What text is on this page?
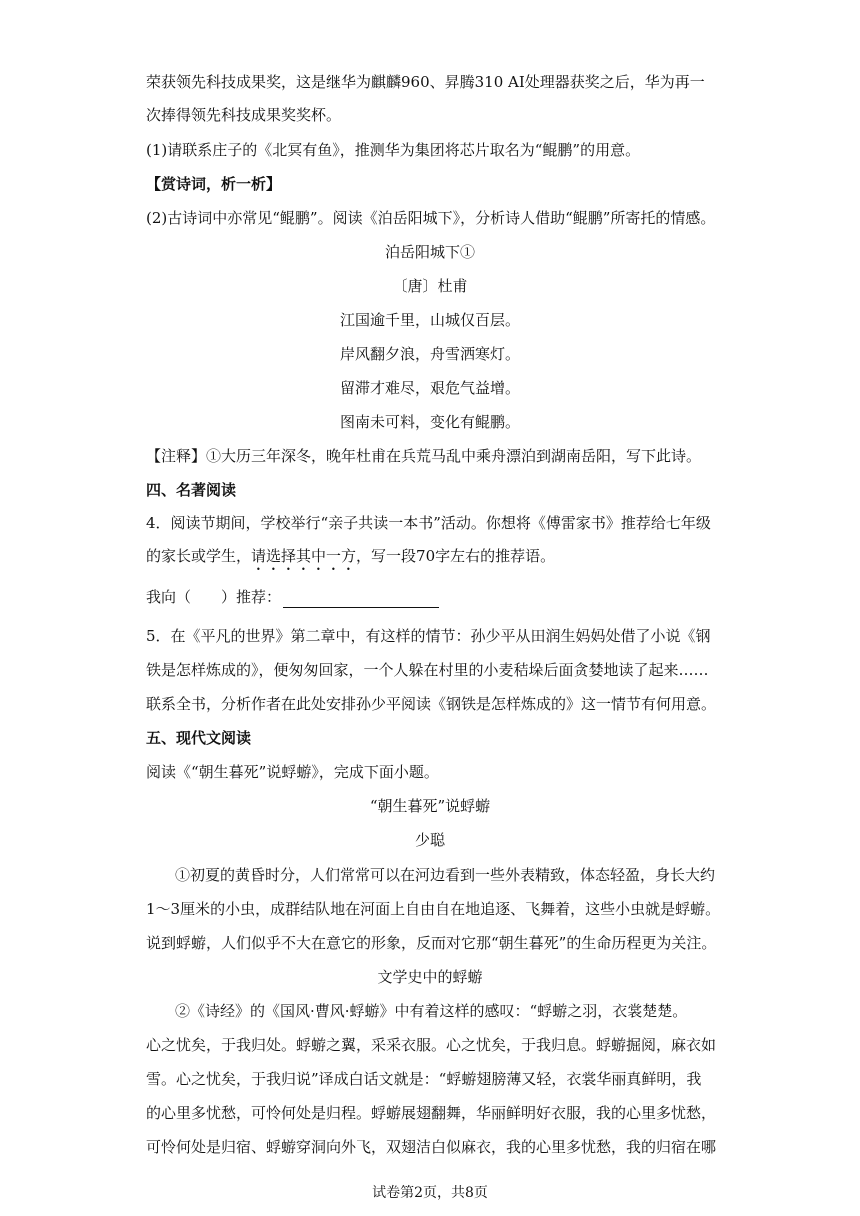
荣获领先科技成果奖，这是继华为麒麟960、昇腾310 AI处理器获奖之后，华为再一
次捧得领先科技成果奖奖杯。
(1)请联系庄子的《北冥有鱼》，推测华为集团将芯片取名为“鲲鹏”的用意。
【赏诗词，析一析】
(2)古诗词中亦常见“鲲鹏”。阅读《泊岳阳城下》，分析诗人借助“鲲鹏”所寄托的情感。
泊岳阳城下①
〔唐〕杜甫
江国逾千里，山城仅百层。
岸风翻夕浪，舟雪洒寒灯。
留滞才难尽，艰危气益增。
图南未可料，变化有鲲鹏。
【注释】①大历三年深冬，晚年杜甫在兵荒马乱中乘舟漂泊到湖南岳阳，写下此诗。
四、名著阅读
4．阅读节期间，学校举行“亲子共读一本书”活动。你想将《傅雷家书》推荐给七年级
的家长或学生，请选择其中一方，写一段70字左右的推荐语。
我向（　　）推荐：
5．在《平凡的世界》第二章中，有这样的情节：孙少平从田润生妈妈处借了小说《钢
铁是怎样炼成的》，便匆匆回家，一个人躲在村里的小麦秸垛后面贪婪地读了起来……
联系全书，分析作者在此处安排孙少平阅读《钢铁是怎样炼成的》这一情节有何用意。
五、现代文阅读
阅读《“朝生暮死”说蜉蝣》，完成下面小题。
“朝生暮死”说蜉蝣
少聪
①初夏的黄昏时分，人们常常可以在河边看到一些外表精致，体态轻盈，身长大约
1～3厘米的小虫，成群结队地在河面上自由自在地追逐、飞舞着，这些小虫就是蜉蝣。
说到蜉蝣，人们似乎不大在意它的形象，反而对它那“朝生暮死”的生命历程更为关注。
文学史中的蜉蝣
②《诗经》的《国风·曹风·蜉蝣》中有着这样的感叹：“蜉蝣之羽，衣裳楚楚。
心之忧矣，于我归处。蜉蝣之翼，采采衣服。心之忧矣，于我归息。蜉蝣掘阅，麻衣如
雪。心之忧矣，于我归说”译成白话文就是：“蜉蝣翅膀薄又轻，衣裳华丽真鲜明，我
的心里多忧愁，可怜何处是归程。蜉蝣展翅翻舞，华丽鲜明好衣服，我的心里多忧愁，
可怜何处是归宿、蜉蝣穿洞向外飞，双翅洁白似麻衣，我的心里多忧愁，我的归宿在哪
试卷第2页，共8页
